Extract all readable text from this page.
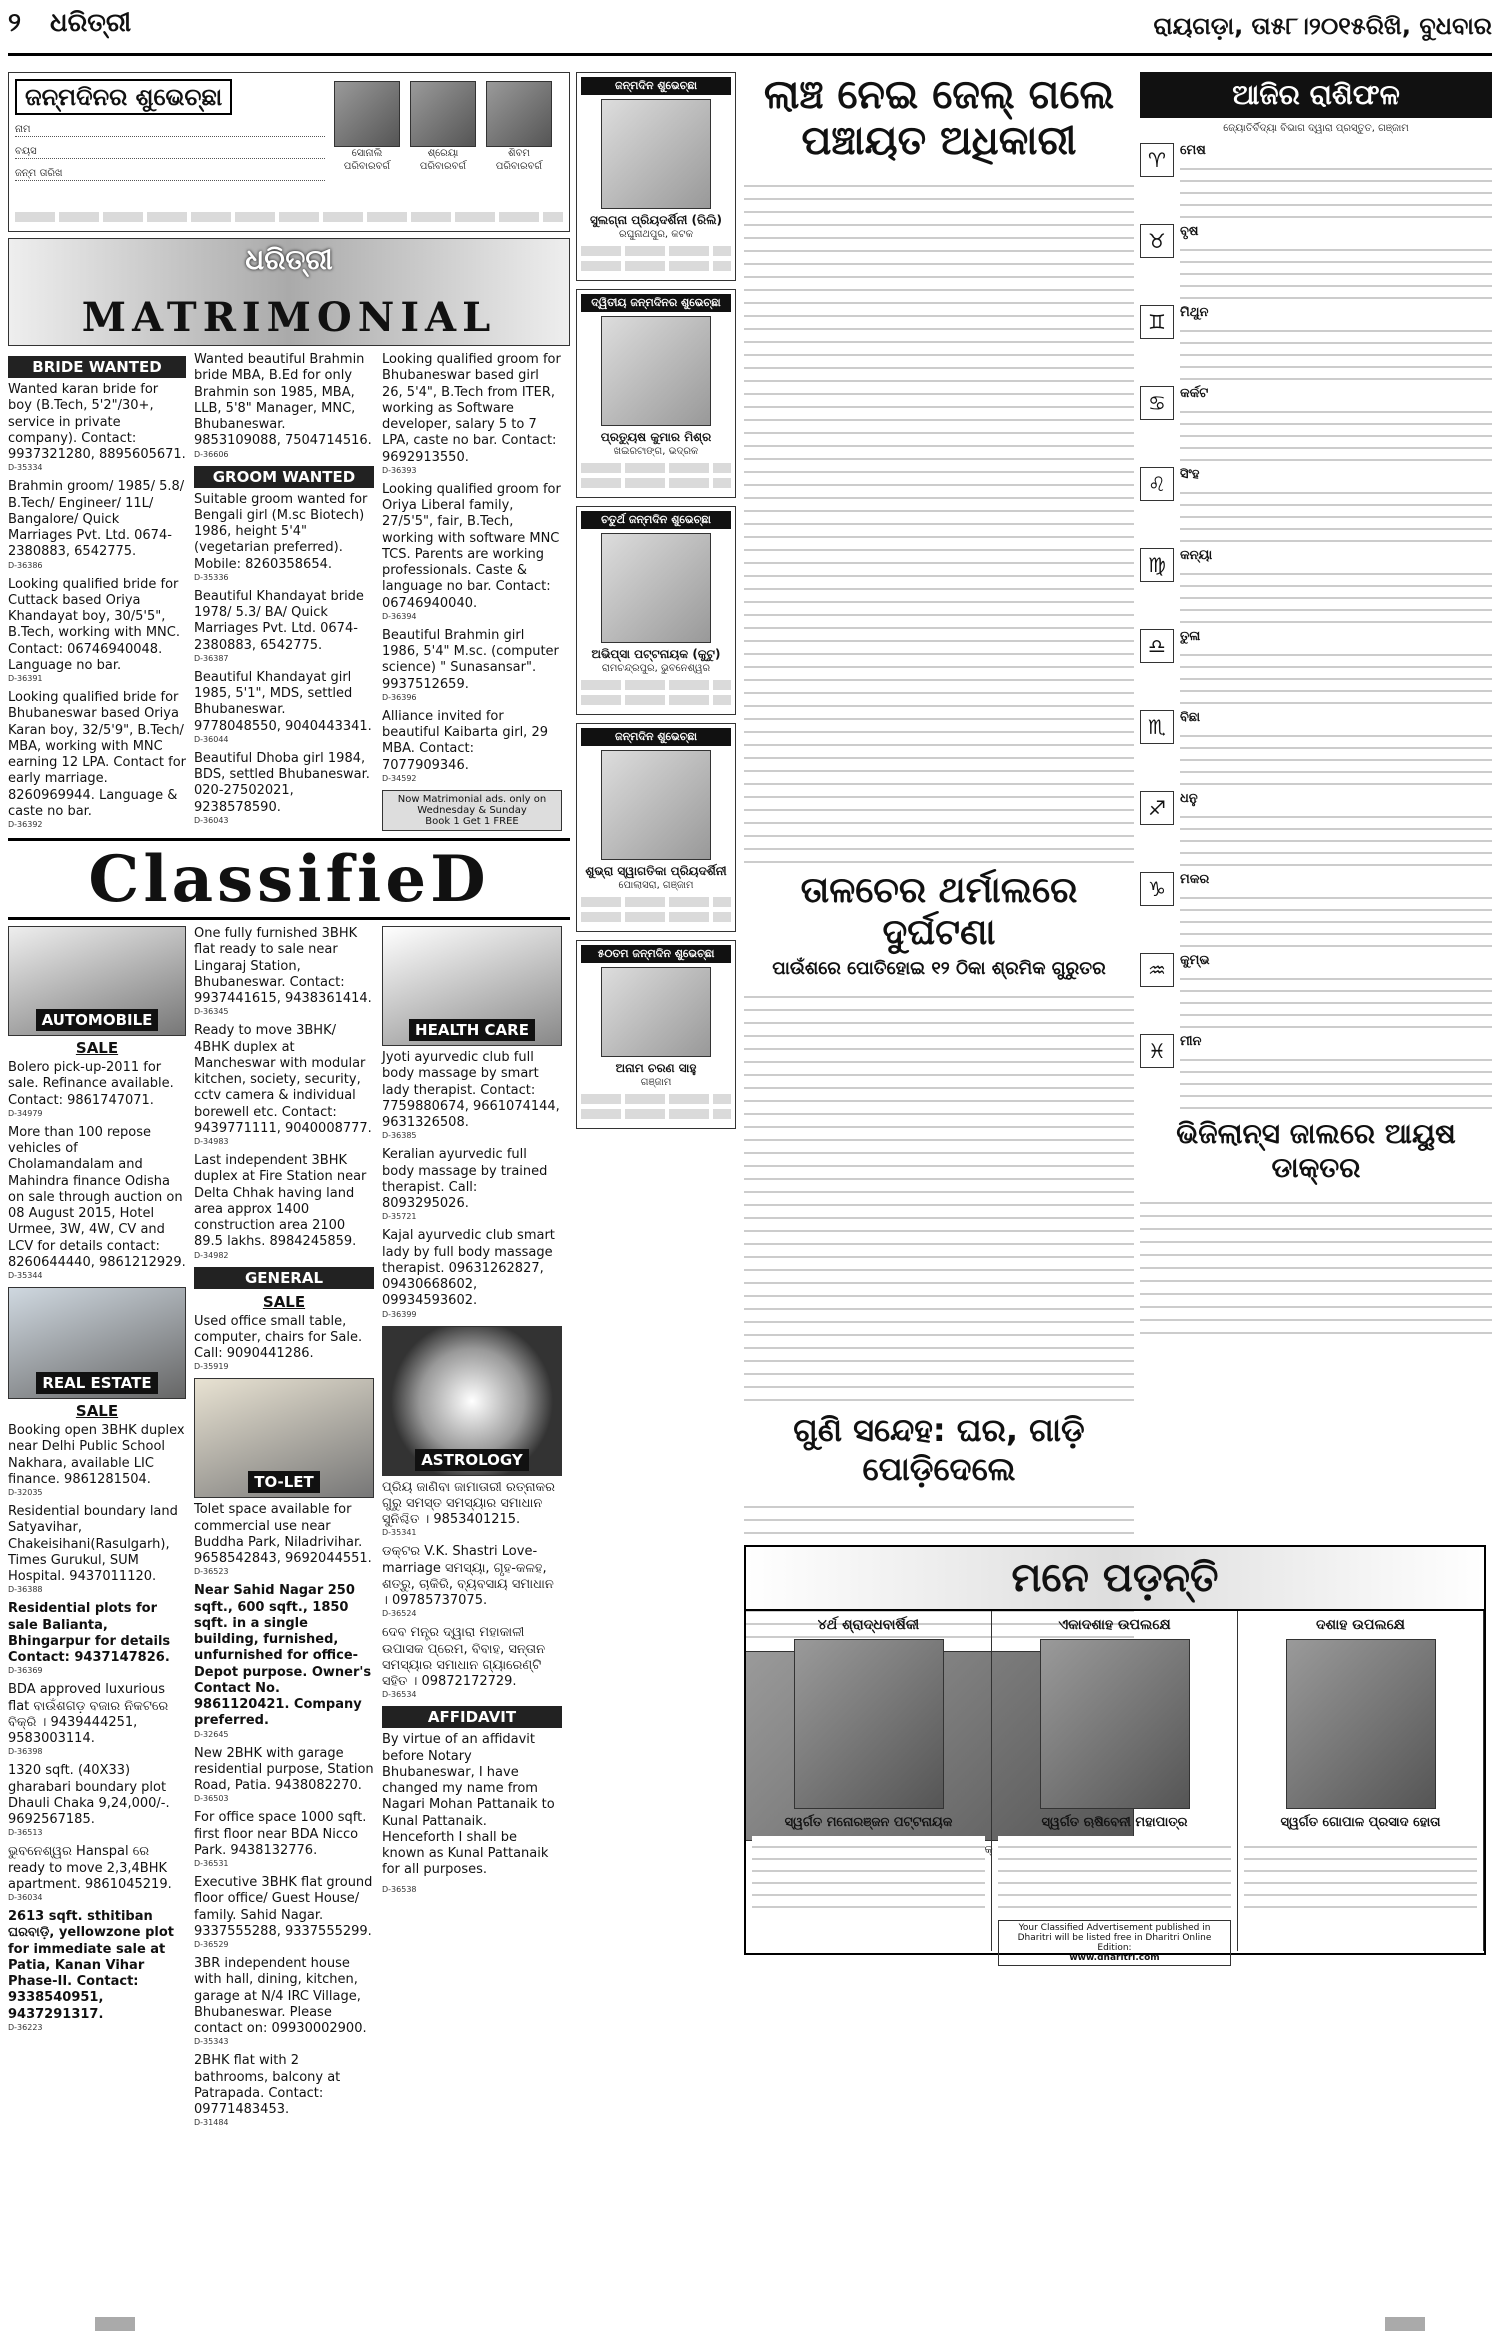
୨ ଧରିତ୍ରୀ	ରାୟଗଡ଼ା, ତା୫୮।୨୦୧୫ରିଖି, ବୁଧବାର
ଜନ୍ମଦିନର ଶୁଭେଚ୍ଛା
ନାମ
ବୟସ
ଜନ୍ମ ତାରିଖ
ସୋନାଲି
ପରିବାରବର୍ଗ
ଶ୍ରେୟା
ପରିବାରବର୍ଗ
ଶିବମ
ପରିବାରବର୍ଗ
ଧରିତ୍ରୀ
MATRIMONIAL
BRIDE WANTED
Wanted karan bride for boy (B.Tech, 5'2"/30+, service in private company). Contact: 9937321280, 8895605671.
D-35334
Brahmin groom/ 1985/ 5.8/ B.Tech/ Engineer/ 11L/ Bangalore/ Quick Marriages Pvt. Ltd. 0674-2380883, 6542775.
D-36386
Looking qualified bride for Cuttack based Oriya Khandayat boy, 30/5'5", B.Tech, working with MNC. Contact: 06746940048. Language no bar.
D-36391
Looking qualified bride for Bhubaneswar based Oriya Karan boy, 32/5'9", B.Tech/ MBA, working with MNC earning 12 LPA. Contact for early marriage. 8260969944. Language & caste no bar.
D-36392
Wanted beautiful Brahmin bride MBA, B.Ed for only Brahmin son 1985, MBA, LLB, 5'8" Manager, MNC, Bhubaneswar. 9853109088, 7504714516.
D-36606
GROOM WANTED
Suitable groom wanted for Bengali girl (M.sc Biotech) 1986, height 5'4" (vegetarian preferred). Mobile: 8260358654.
D-35336
Beautiful Khandayat bride 1978/ 5.3/ BA/ Quick Marriages Pvt. Ltd. 0674-2380883, 6542775.
D-36387
Beautiful Khandayat girl 1985, 5'1", MDS, settled Bhubaneswar. 9778048550, 9040443341.
D-36044
Beautiful Dhoba girl 1984, BDS, settled Bhubaneswar. 020-27502021, 9238578590.
D-36043
Looking qualified groom for Bhubaneswar based girl 26, 5'4", B.Tech from ITER, working as Software developer, salary 5 to 7 LPA, caste no bar. Contact: 9692913550.
D-36393
Looking qualified groom for Oriya Liberal family, 27/5'5", fair, B.Tech, working with software MNC TCS. Parents are working professionals. Caste & language no bar. Contact: 06746940040.
D-36394
Beautiful Brahmin girl 1986, 5'4" M.sc. (computer science) " Sunasansar". 9937512659.
D-36396
Alliance invited for beautiful Kaibarta girl, 29 MBA. Contact: 7077909346.
D-34592
Now Matrimonial ads. only on
Wednesday & Sunday
Book 1 Get 1 FREE
ClassifieD
AUTOMOBILE
SALE
Bolero pick-up-2011 for sale. Refinance available. Contact: 9861747071.
D-34979
More than 100 repose vehicles of Cholamandalam and Mahindra finance Odisha on sale through auction on 08 August 2015, Hotel Urmee, 3W, 4W, CV and LCV for details contact: 8260644440, 9861212929.
D-35344
REAL ESTATE
SALE
Booking open 3BHK duplex near Delhi Public School Nakhara, available LIC finance. 9861281504.
D-32035
Residential boundary land Satyavihar, Chakeisihani(Rasulgarh), Times Gurukul, SUM Hospital. 9437011120.
D-36388
Residential plots for sale Balianta, Bhingarpur for details Contact: 9437147826.
D-36369
BDA approved luxurious flat ବାଉଁଶଗଡ଼ ବଜାର ନିକଟରେ ବିକ୍ରି । 9439444251, 9583003114.
D-36398
1320 sqft. (40X33) gharabari boundary plot Dhauli Chaka 9,24,000/-. 9692567185.
D-36513
ଭୁବନେଶ୍ୱର Hanspal ରେ ready to move 2,3,4BHK apartment. 9861045219.
D-36034
2613 sqft. sthitiban ଘରବାଡ଼ି, yellowzone plot for immediate sale at Patia, Kanan Vihar Phase-II. Contact: 9338540951, 9437291317.
D-36223
One fully furnished 3BHK flat ready to sale near Lingaraj Station, Bhubaneswar. Contact: 9937441615, 9438361414.
D-36345
Ready to move 3BHK/ 4BHK duplex at Mancheswar with modular kitchen, society, security, cctv camera & individual borewell etc. Contact: 9439771111, 9040008777.
D-34983
Last independent 3BHK duplex at Fire Station near Delta Chhak having land area approx 1400 construction area 2100 89.5 lakhs. 8984245859.
D-34982
GENERAL
SALE
Used office small table, computer, chairs for Sale. Call: 9090441286.
D-35919
TO-LET
Tolet space available for commercial use near Buddha Park, Niladrivihar. 9658542843, 9692044551.
D-36523
Near Sahid Nagar 250 sqft., 600 sqft., 1850 sqft. in a single building, furnished, unfurnished for office- Depot purpose. Owner's Contact No. 9861120421. Company preferred.
D-32645
New 2BHK with garage residential purpose, Station Road, Patia. 9438082270.
D-36503
For office space 1000 sqft. first floor near BDA Nicco Park. 9438132776.
D-36531
Executive 3BHK flat ground floor office/ Guest House/ family. Sahid Nagar. 9337555288, 9337555299.
D-36529
3BR independent house with hall, dining, kitchen, garage at N/4 IRC Village, Bhubaneswar. Please contact on: 09930002900.
D-35343
2BHK flat with 2 bathrooms, balcony at Patrapada. Contact: 09771483453.
D-31484
HEALTH CARE
Jyoti ayurvedic club full body massage by smart lady therapist. Contact: 7759880674, 9661074144, 9631326508.
D-36385
Keralian ayurvedic full body massage by trained therapist. Call: 8093295026.
D-35721
Kajal ayurvedic club smart lady by full body massage therapist. 09631262827, 09430668602, 09934593602.
D-36399
ASTROLOGY
ପ୍ରିୟ ଜାଣିବା ଜାମାତାରୀ ରତ୍ନାକର ଗୁରୁ ସମସ୍ତ ସମସ୍ୟାର ସମାଧାନ ସୁନିଶ୍ଚିତ । 9853401215.
D-35341
ଡକ୍ଟର V.K. Shastri Love-marriage ସମସ୍ୟା, ଗୃହ-କଳହ, ଶତ୍ରୁ, ଚାକିରି, ବ୍ୟବସାୟ ସମାଧାନ । 09785737075.
D-36524
ଦେବ ମନ୍ତ୍ର ଦ୍ୱାରା ମହାକାଳୀ ଉପାସକ ପ୍ରେମ, ବିବାହ, ସନ୍ତାନ ସମସ୍ୟାର ସମାଧାନ ଗ୍ୟାରେଣ୍ଟି ସହିତ । 09872172729.
D-36534
AFFIDAVIT
By virtue of an affidavit before Notary Bhubaneswar, I have changed my name from Nagari Mohan Pattanaik to Kunal Pattanaik. Henceforth I shall be known as Kunal Pattanaik for all purposes.
D-36538
ଜନ୍ମଦିନ ଶୁଭେଚ୍ଛା
ସୁଲଗ୍ନା ପ୍ରିୟଦର୍ଶିନୀ (ରିଲି)
ରଘୁନାଥପୁର, କଟକ
ଦ୍ୱିତୀୟ ଜନ୍ମଦିନର ଶୁଭେଚ୍ଛା
ପ୍ରତ୍ୟୁଷ କୁମାର ମିଶ୍ର
ଖଇରଟାଙ୍ଗ, ଭଦ୍ରକ
ଚତୁର୍ଥ ଜନ୍ମଦିନ ଶୁଭେଚ୍ଛା
ଅଭିପ୍ସା ପଟ୍ଟନାୟକ (କୁଟୁ)
ରାମଚନ୍ଦ୍ରପୁର, ଭୁବନେଶ୍ୱର
ଜନ୍ମଦିନ ଶୁଭେଚ୍ଛା
ଶୁଭ୍ରା ସ୍ୱାଗତିକା ପ୍ରିୟଦର୍ଶିନୀ
ପୋଲାସରା, ଗଞ୍ଜାମ
୫୦ତମ ଜନ୍ମଦିନ ଶୁଭେଚ୍ଛା
ଅନାମ ଚରଣ ସାହୁ
ଗଞ୍ଜାମ
ଲାଞ୍ଚ ନେଇ ଜେଲ୍ ଗଲେ ପଞ୍ଚାୟତ ଅଧିକାରୀ
ତାଳଚେର ଥର୍ମାଲରେ ଦୁର୍ଘଟଣା
ପାଉଁଶରେ ପୋତିହୋଇ ୧୨ ଠିକା ଶ୍ରମିକ ଗୁରୁତର
ଗୁଣି ସନ୍ଦେହ: ଘର, ଗାଡ଼ି ପୋଡ଼ିଦେଲେ
ଆଜିର ରାଶିଫଳ
ଜ୍ୟୋତିର୍ବିଦ୍ୟା ବିଭାଗ ଦ୍ୱାରା ପ୍ରସ୍ତୁତ, ଗଞ୍ଜାମ
♈	ମେଷ
♉	ବୃଷ
♊	ମିଥୁନ
♋	କର୍କଟ
♌	ସିଂହ
♍	କନ୍ୟା
♎	ତୁଳା
♏	ବିଛା
♐	ଧନୁ
♑	ମକର
♒	କୁମ୍ଭ
♓	ମୀନ
ଭିଜିଲାନ୍ସ ଜାଲରେ ଆୟୁଷ ଡାକ୍ତର
ମନେ ପଡ଼ନ୍ତି
୪ର୍ଥ ଶ୍ରାଦ୍ଧବାର୍ଷିକୀ
ସ୍ୱର୍ଗତ ମନୋରଞ୍ଜନ ପଟ୍ଟନାୟକ
ଏକାଦଶାହ ଉପଲକ୍ଷେ
ସ୍ୱର୍ଗତ ଋଷିବେନୀ ମହାପାତ୍ର
Your Classified Advertisement published in Dharitri will be listed free in Dharitri Online Edition:
www.dharitri.com
ଦଶାହ ଉପଲକ୍ଷେ
ସ୍ୱର୍ଗତ ଗୋପାଳ ପ୍ରସାଦ ହୋତା
